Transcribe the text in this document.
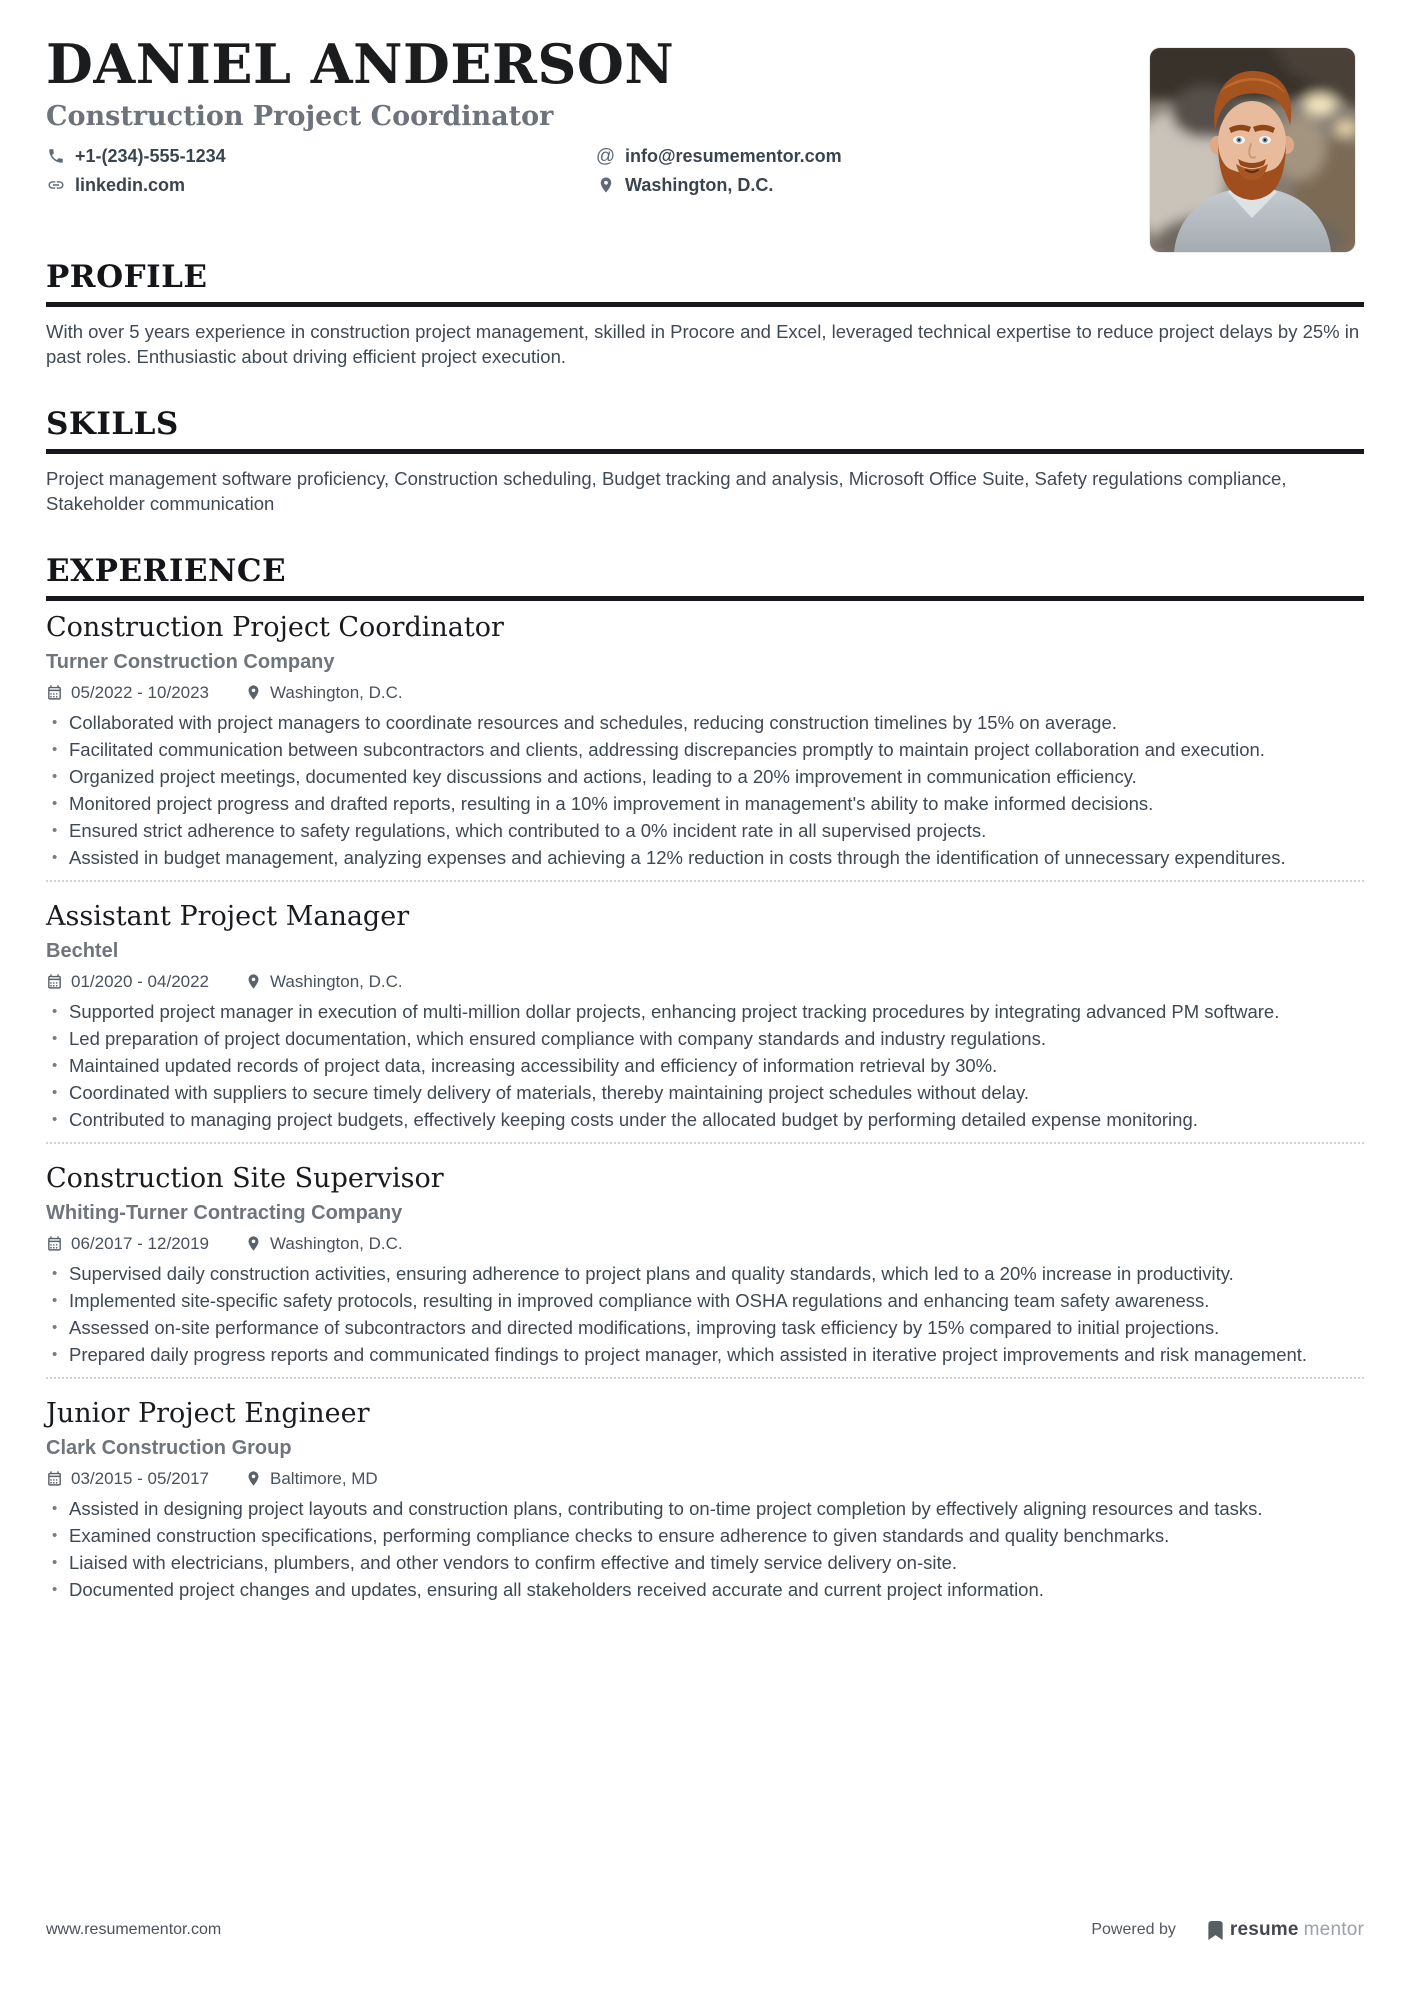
DANIEL ANDERSON
Construction Project Coordinator
+1-(234)-555-1234	@ info@resumementor.com
linkedin.com	Washington, D.C.
PROFILE
With over 5 years experience in construction project management, skilled in Procore and Excel, leveraged technical expertise to reduce project delays by 25% in past roles. Enthusiastic about driving efficient project execution.
SKILLS
Project management software proficiency, Construction scheduling, Budget tracking and analysis, Microsoft Office Suite, Safety regulations compliance, Stakeholder communication
EXPERIENCE
Construction Project Coordinator
Turner Construction Company
05/2022 - 10/2023	Washington, D.C.
• Collaborated with project managers to coordinate resources and schedules, reducing construction timelines by 15% on average.
• Facilitated communication between subcontractors and clients, addressing discrepancies promptly to maintain project collaboration and execution.
• Organized project meetings, documented key discussions and actions, leading to a 20% improvement in communication efficiency.
• Monitored project progress and drafted reports, resulting in a 10% improvement in management's ability to make informed decisions.
• Ensured strict adherence to safety regulations, which contributed to a 0% incident rate in all supervised projects.
• Assisted in budget management, analyzing expenses and achieving a 12% reduction in costs through the identification of unnecessary expenditures.
Assistant Project Manager
Bechtel
01/2020 - 04/2022	Washington, D.C.
• Supported project manager in execution of multi-million dollar projects, enhancing project tracking procedures by integrating advanced PM software.
• Led preparation of project documentation, which ensured compliance with company standards and industry regulations.
• Maintained updated records of project data, increasing accessibility and efficiency of information retrieval by 30%.
• Coordinated with suppliers to secure timely delivery of materials, thereby maintaining project schedules without delay.
• Contributed to managing project budgets, effectively keeping costs under the allocated budget by performing detailed expense monitoring.
Construction Site Supervisor
Whiting-Turner Contracting Company
06/2017 - 12/2019	Washington, D.C.
• Supervised daily construction activities, ensuring adherence to project plans and quality standards, which led to a 20% increase in productivity.
• Implemented site-specific safety protocols, resulting in improved compliance with OSHA regulations and enhancing team safety awareness.
• Assessed on-site performance of subcontractors and directed modifications, improving task efficiency by 15% compared to initial projections.
• Prepared daily progress reports and communicated findings to project manager, which assisted in iterative project improvements and risk management.
Junior Project Engineer
Clark Construction Group
03/2015 - 05/2017	Baltimore, MD
• Assisted in designing project layouts and construction plans, contributing to on-time project completion by effectively aligning resources and tasks.
• Examined construction specifications, performing compliance checks to ensure adherence to given standards and quality benchmarks.
• Liaised with electricians, plumbers, and other vendors to confirm effective and timely service delivery on-site.
• Documented project changes and updates, ensuring all stakeholders received accurate and current project information.
www.resumementor.com	Powered by	resume mentor
